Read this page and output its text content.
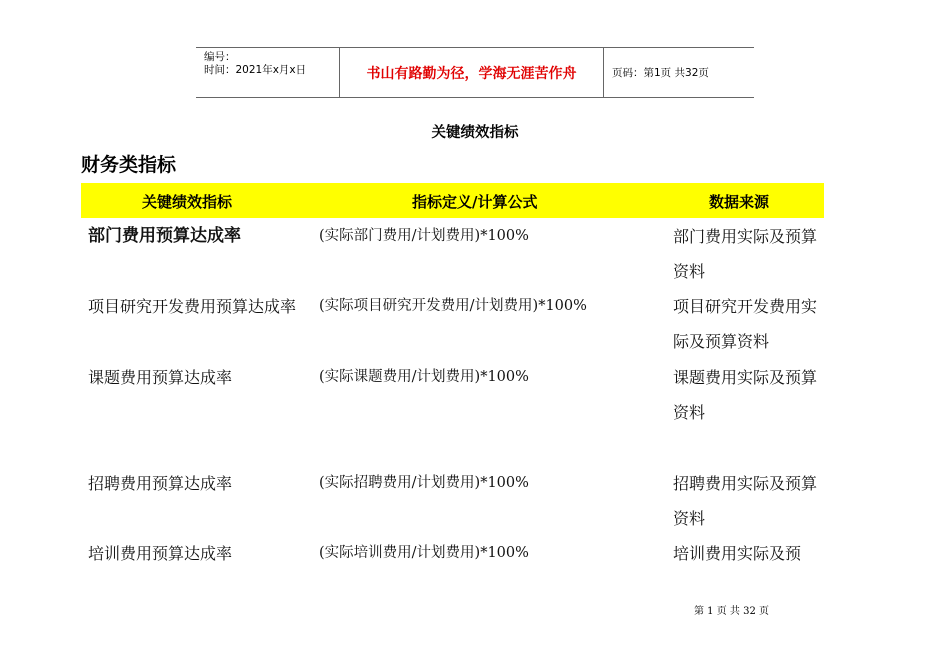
编号：
时间：2021年x月x日	书山有路勤为径，学海无涯苦作舟	页码：第1页 共32页
关键绩效指标
财务类指标
关键绩效指标	指标定义/计算公式	数据来源
部门费用预算达成率	(实际部门费用/计划费用)*100%	部门费用实际及预算资料
项目研究开发费用预算达成率	(实际项目研究开发费用/计划费用)*100%	项目研究开发费用实际及预算资料
课题费用预算达成率	(实际课题费用/计划费用)*100%	课题费用实际及预算资料
招聘费用预算达成率	(实际招聘费用/计划费用)*100%	招聘费用实际及预算资料
培训费用预算达成率	(实际培训费用/计划费用)*100%	培训费用实际及预
第 1 页 共 32 页
